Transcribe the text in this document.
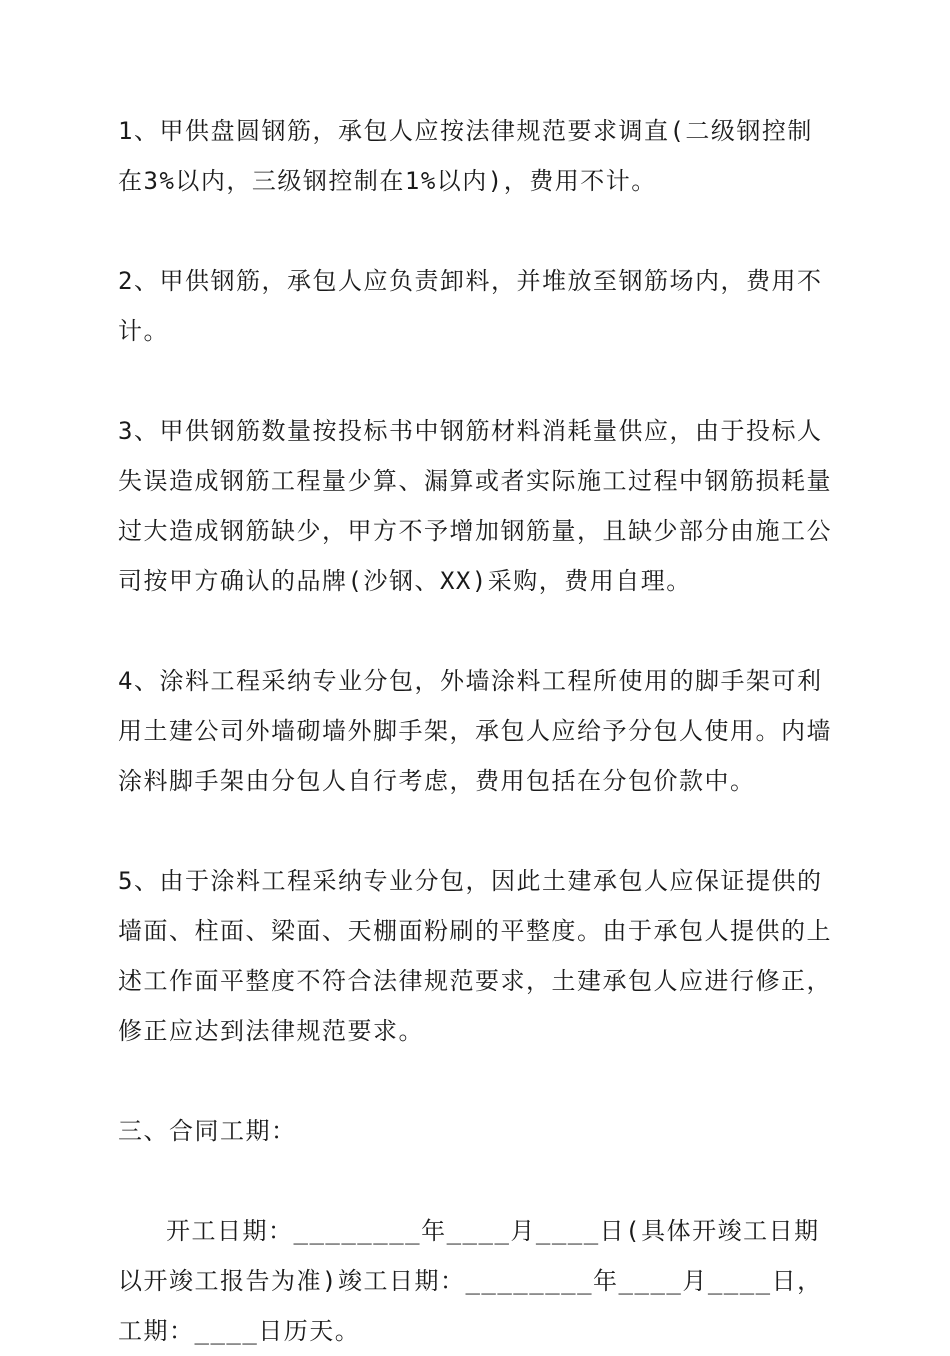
1、甲供盘圆钢筋，承包人应按法律规范要求调直(二级钢控制在3%以内，三级钢控制在1%以内)，费用不计。

2、甲供钢筋，承包人应负责卸料，并堆放至钢筋场内，费用不计。

3、甲供钢筋数量按投标书中钢筋材料消耗量供应，由于投标人失误造成钢筋工程量少算、漏算或者实际施工过程中钢筋损耗量过大造成钢筋缺少，甲方不予增加钢筋量，且缺少部分由施工公司按甲方确认的品牌(沙钢、XX)采购，费用自理。

4、涂料工程采纳专业分包，外墙涂料工程所使用的脚手架可利用土建公司外墙砌墙外脚手架，承包人应给予分包人使用。内墙涂料脚手架由分包人自行考虑，费用包括在分包价款中。

5、由于涂料工程采纳专业分包，因此土建承包人应保证提供的墙面、柱面、梁面、天棚面粉刷的平整度。由于承包人提供的上述工作面平整度不符合法律规范要求，土建承包人应进行修正，修正应达到法律规范要求。

三、合同工期：

开工日期：________年____月____日(具体开竣工日期以开竣工报告为准)竣工日期：________年____月____日，工期：____日历天。
